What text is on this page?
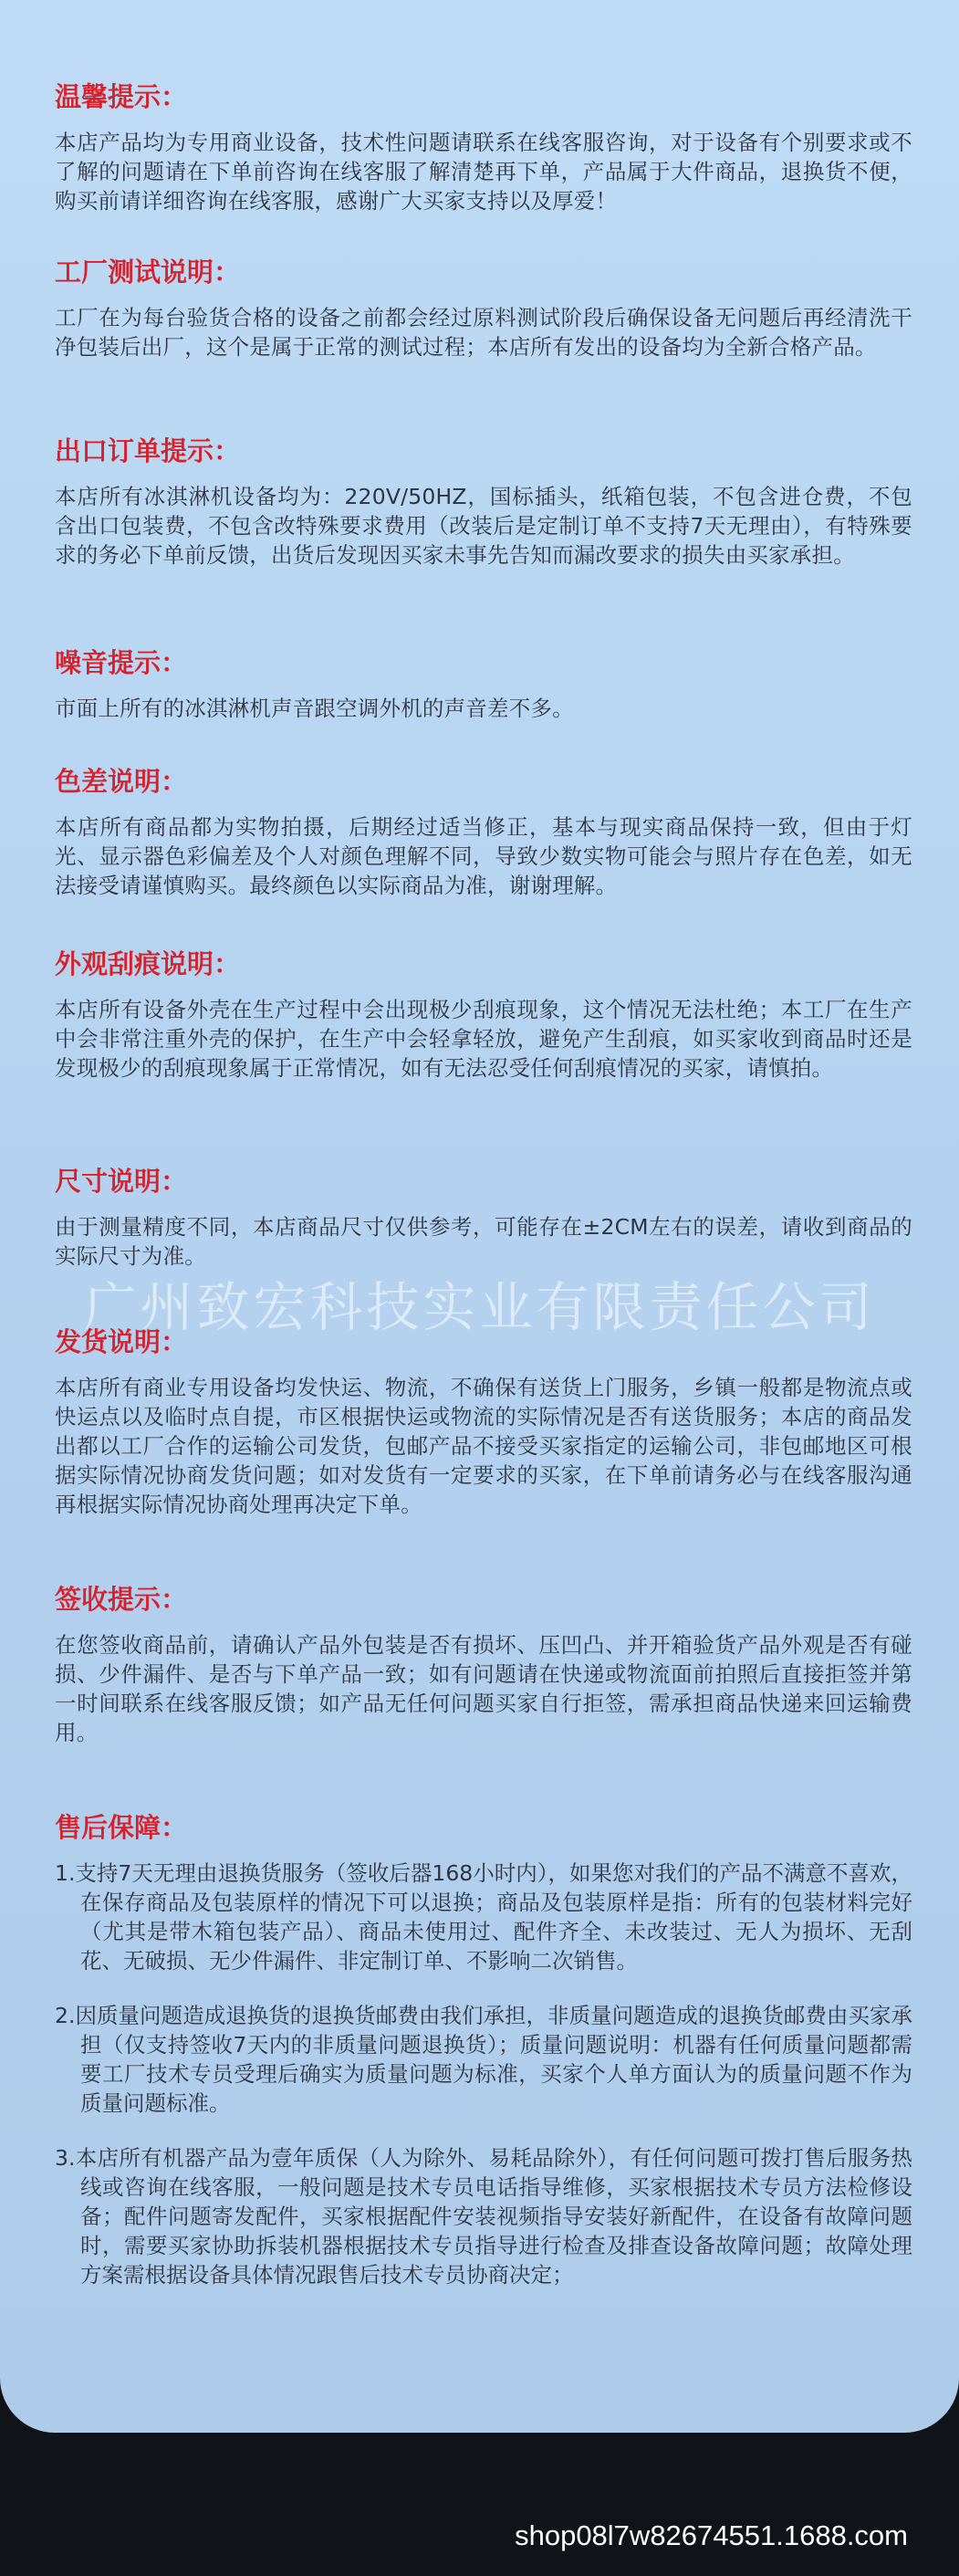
温馨提示：

本店产品均为专用商业设备，技术性问题请联系在线客服咨询，对于设备有个别要求或不了解的问题请在下单前咨询在线客服了解清楚再下单，产品属于大件商品，退换货不便，购买前请详细咨询在线客服，感谢广大买家支持以及厚爱！

工厂测试说明：

工厂在为每台验货合格的设备之前都会经过原料测试阶段后确保设备无问题后再经清洗干净包装后出厂，这个是属于正常的测试过程；本店所有发出的设备均为全新合格产品。

出口订单提示：

本店所有冰淇淋机设备均为：220V/50HZ，国标插头，纸箱包装，不包含进仓费，不包含出口包装费，不包含改特殊要求费用（改装后是定制订单不支持7天无理由），有特殊要求的务必下单前反馈，出货后发现因买家未事先告知而漏改要求的损失由买家承担。

噪音提示：

市面上所有的冰淇淋机声音跟空调外机的声音差不多。

色差说明：

本店所有商品都为实物拍摄，后期经过适当修正，基本与现实商品保持一致，但由于灯光、显示器色彩偏差及个人对颜色理解不同，导致少数实物可能会与照片存在色差，如无法接受请谨慎购买。最终颜色以实际商品为准，谢谢理解。

外观刮痕说明：

本店所有设备外壳在生产过程中会出现极少刮痕现象，这个情况无法杜绝；本工厂在生产中会非常注重外壳的保护，在生产中会轻拿轻放，避免产生刮痕，如买家收到商品时还是发现极少的刮痕现象属于正常情况，如有无法忍受任何刮痕情况的买家，请慎拍。

尺寸说明：

由于测量精度不同，本店商品尺寸仅供参考，可能存在±2CM左右的误差，请收到商品的实际尺寸为准。

广州致宏科技实业有限责任公司
发货说明：

本店所有商业专用设备均发快运、物流，不确保有送货上门服务，乡镇一般都是物流点或快运点以及临时点自提，市区根据快运或物流的实际情况是否有送货服务；本店的商品发出都以工厂合作的运输公司发货，包邮产品不接受买家指定的运输公司，非包邮地区可根据实际情况协商发货问题；如对发货有一定要求的买家，在下单前请务必与在线客服沟通再根据实际情况协商处理再决定下单。

签收提示：

在您签收商品前，请确认产品外包装是否有损坏、压凹凸、并开箱验货产品外观是否有碰损、少件漏件、是否与下单产品一致；如有问题请在快递或物流面前拍照后直接拒签并第一时间联系在线客服反馈；如产品无任何问题买家自行拒签，需承担商品快递来回运输费用。

售后保障：

1.支持7天无理由退换货服务（签收后器168小时内），如果您对我们的产品不满意不喜欢，在保存商品及包装原样的情况下可以退换；商品及包装原样是指：所有的包装材料完好（尤其是带木箱包装产品）、商品未使用过、配件齐全、未改装过、无人为损坏、无刮花、无破损、无少件漏件、非定制订单、不影响二次销售。

2.因质量问题造成退换货的退换货邮费由我们承担，非质量问题造成的退换货邮费由买家承担（仅支持签收7天内的非质量问题退换货）；质量问题说明：机器有任何质量问题都需要工厂技术专员受理后确实为质量问题为标准，买家个人单方面认为的质量问题不作为质量问题标准。

3.本店所有机器产品为壹年质保（人为除外、易耗品除外），有任何问题可拨打售后服务热线或咨询在线客服，一般问题是技术专员电话指导维修，买家根据技术专员方法检修设备；配件问题寄发配件，买家根据配件安装视频指导安装好新配件，在设备有故障问题时，需要买家协助拆装机器根据技术专员指导进行检查及排查设备故障问题；故障处理方案需根据设备具体情况跟售后技术专员协商决定；

shop08l7w82674551.1688.com
